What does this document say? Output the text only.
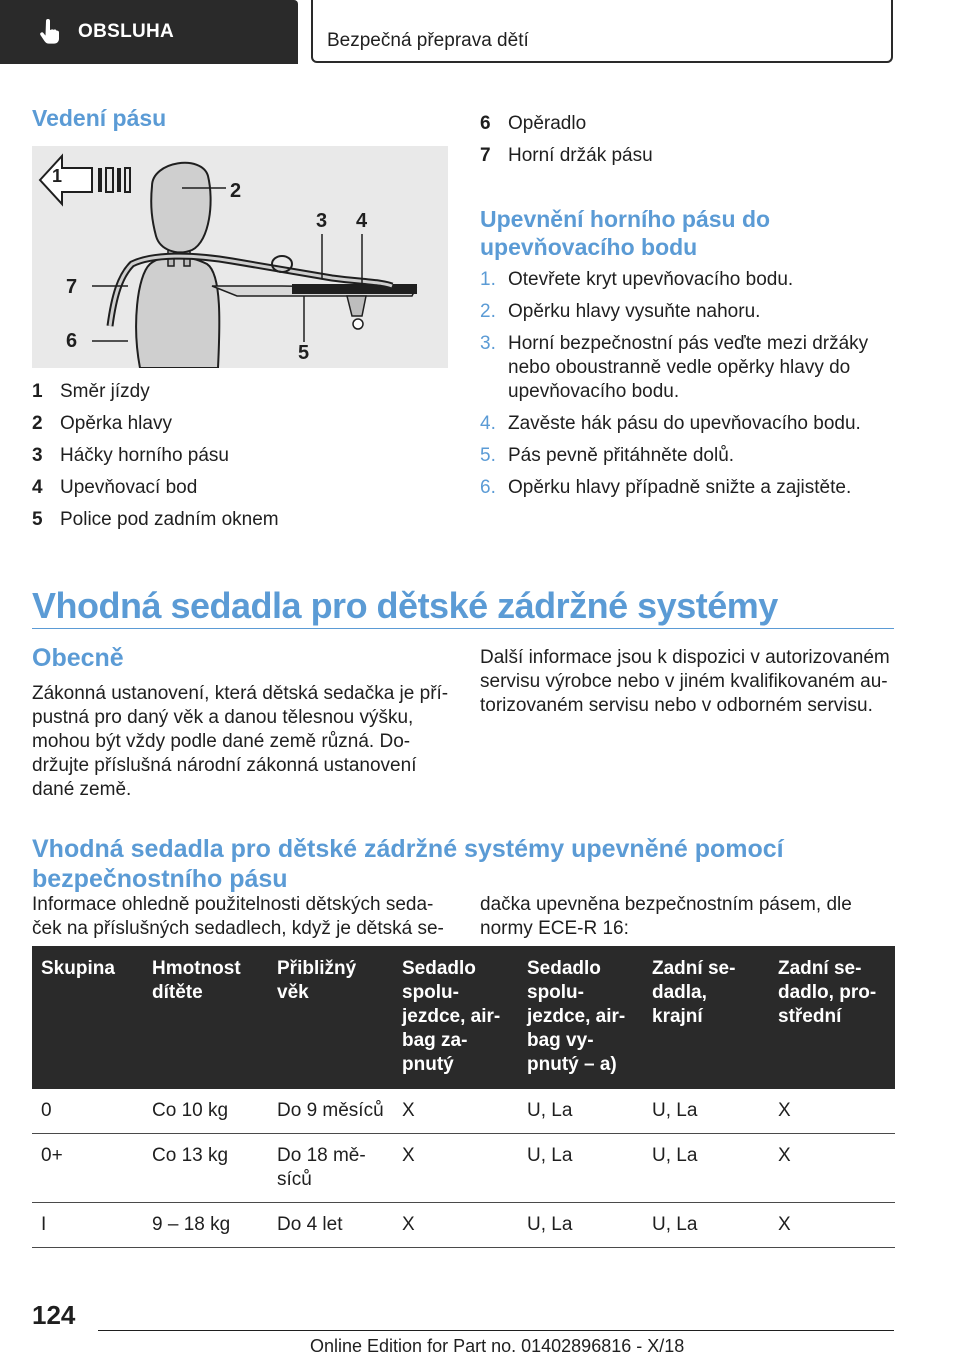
OBSLUHA	Bezpečná přeprava dětí
Vedení pásu
1
2
3 4
5
6
7
1 Směr jízdy
2 Opěrka hlavy
3 Háčky horního pásu
4 Upevňovací bod
5 Police pod zadním oknem
6 Opěradlo
7 Horní držák pásu
Upevnění horního pásu do upevňovacího bodu
1. Otevřete kryt upevňovacího bodu.
2. Opěrku hlavy vysuňte nahoru.
3. Horní bezpečnostní pás veďte mezi držáky nebo oboustranně vedle opěrky hlavy do upevňovacího bodu.
4. Zavěste hák pásu do upevňovacího bodu.
5. Pás pevně přitáhněte dolů.
6. Opěrku hlavy případně snižte a zajistěte.
Vhodná sedadla pro dětské zádržné systémy
Obecně

Zákonná ustanovení, která dětská sedačka je pří‐pustná pro daný věk a danou tělesnou výšku, mohou být vždy podle dané země různá. Do‐držujte příslušná národní zákonná ustanovení dané země.

Další informace jsou k dispozici v autorizovaném servisu výrobce nebo v jiném kvalifikovaném au‐torizovaném servisu nebo v odborném servisu.

Vhodná sedadla pro dětské zádržné systémy upevněné pomocí bezpečnostního pásu

Informace ohledně použitelnosti dětských seda‐ček na příslušných sedadlech, když je dětská se‐

dačka upevněna bezpečnostním pásem, dle normy ECE-R 16:

Skupina	Hmotnost dítěte	Přibližný věk	Sedadlo spolu‐jezdce, air‐bag za‐pnutý	Sedadlo spolu‐jezdce, air‐bag vy‐pnutý – a)	Zadní se‐dadla, krajní	Zadní se‐dadlo, pro‐střední
0	Co 10 kg	Do 9 měsíců	X	U, La	U, La	X
0+	Co 13 kg	Do 18 mě‐síců	X	U, La	U, La	X
I	9 – 18 kg	Do 4 let	X	U, La	U, La	X
124
Online Edition for Part no. 01402896816 - X/18
